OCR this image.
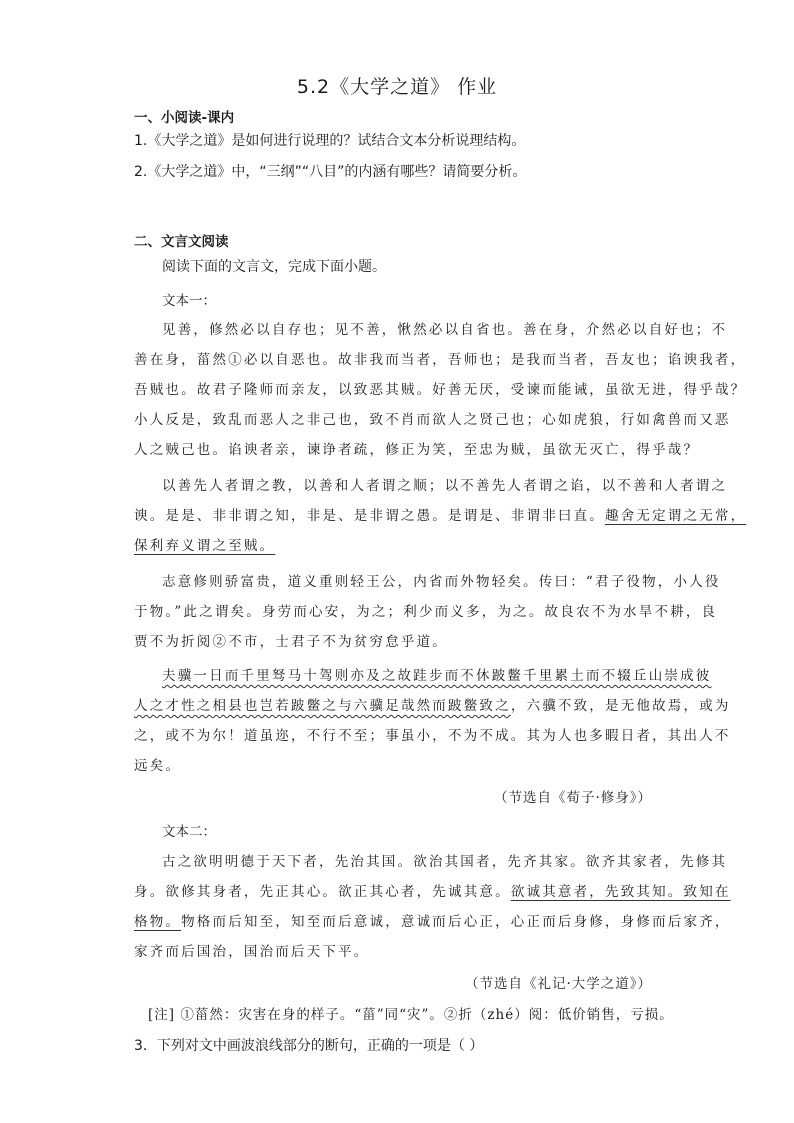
5.2《大学之道》 作业
一、小阅读-课内
1.《大学之道》是如何进行说理的？试结合文本分析说理结构。
2.《大学之道》中，“三纲”“八目”的内涵有哪些？请简要分析。
二、文言文阅读
阅读下面的文言文，完成下面小题。
文本一：
见善，修然必以自存也；见不善，愀然必以自省也。善在身，介然必以自好也；不
善在身，菑然①必以自恶也。故非我而当者，吾师也；是我而当者，吾友也；谄谀我者，
吾贼也。故君子隆师而亲友，以致恶其贼。好善无厌，受谏而能诫，虽欲无进，得乎哉？
小人反是，致乱而恶人之非己也，致不肖而欲人之贤己也；心如虎狼，行如禽兽而又恶
人之贼己也。谄谀者亲，谏诤者疏，修正为笑，至忠为贼，虽欲无灭亡，得乎哉？
以善先人者谓之教，以善和人者谓之顺；以不善先人者谓之谄，以不善和人者谓之
谀。是是、非非谓之知，非是、是非谓之愚。是谓是、非谓非曰直。趣舍无定谓之无常，
保利弃义谓之至贼。
志意修则骄富贵，道义重则轻王公，内省而外物轻矣。传曰：“君子役物，小人役
于物。”此之谓矣。身劳而心安，为之；利少而义多，为之。故良农不为水旱不耕，良
贾不为折阅②不市，士君子不为贫穷怠乎道。
夫骥一日而千里驽马十驾则亦及之故跬步而不休跛鳖千里累土而不辍丘山崇成彼
人之才性之相县也岂若跛鳖之与六骥足哉然而跛鳖致之，六骥不致，是无他故焉，或为
之，或不为尔！道虽迩，不行不至；事虽小，不为不成。其为人也多暇日者，其出人不
远矣。
（节选自《荀子·修身》）
文本二：
古之欲明明德于天下者，先治其国。欲治其国者，先齐其家。欲齐其家者，先修其
身。欲修其身者，先正其心。欲正其心者，先诚其意。欲诚其意者，先致其知。致知在
格物。物格而后知至，知至而后意诚，意诚而后心正，心正而后身修，身修而后家齐，
家齐而后国治，国治而后天下平。
（节选自《礼记·大学之道》）
[注] ①菑然：灾害在身的样子。“菑”同“灾”。②折（zhé）阅：低价销售，亏损。
3．下列对文中画波浪线部分的断句，正确的一项是（ ）
